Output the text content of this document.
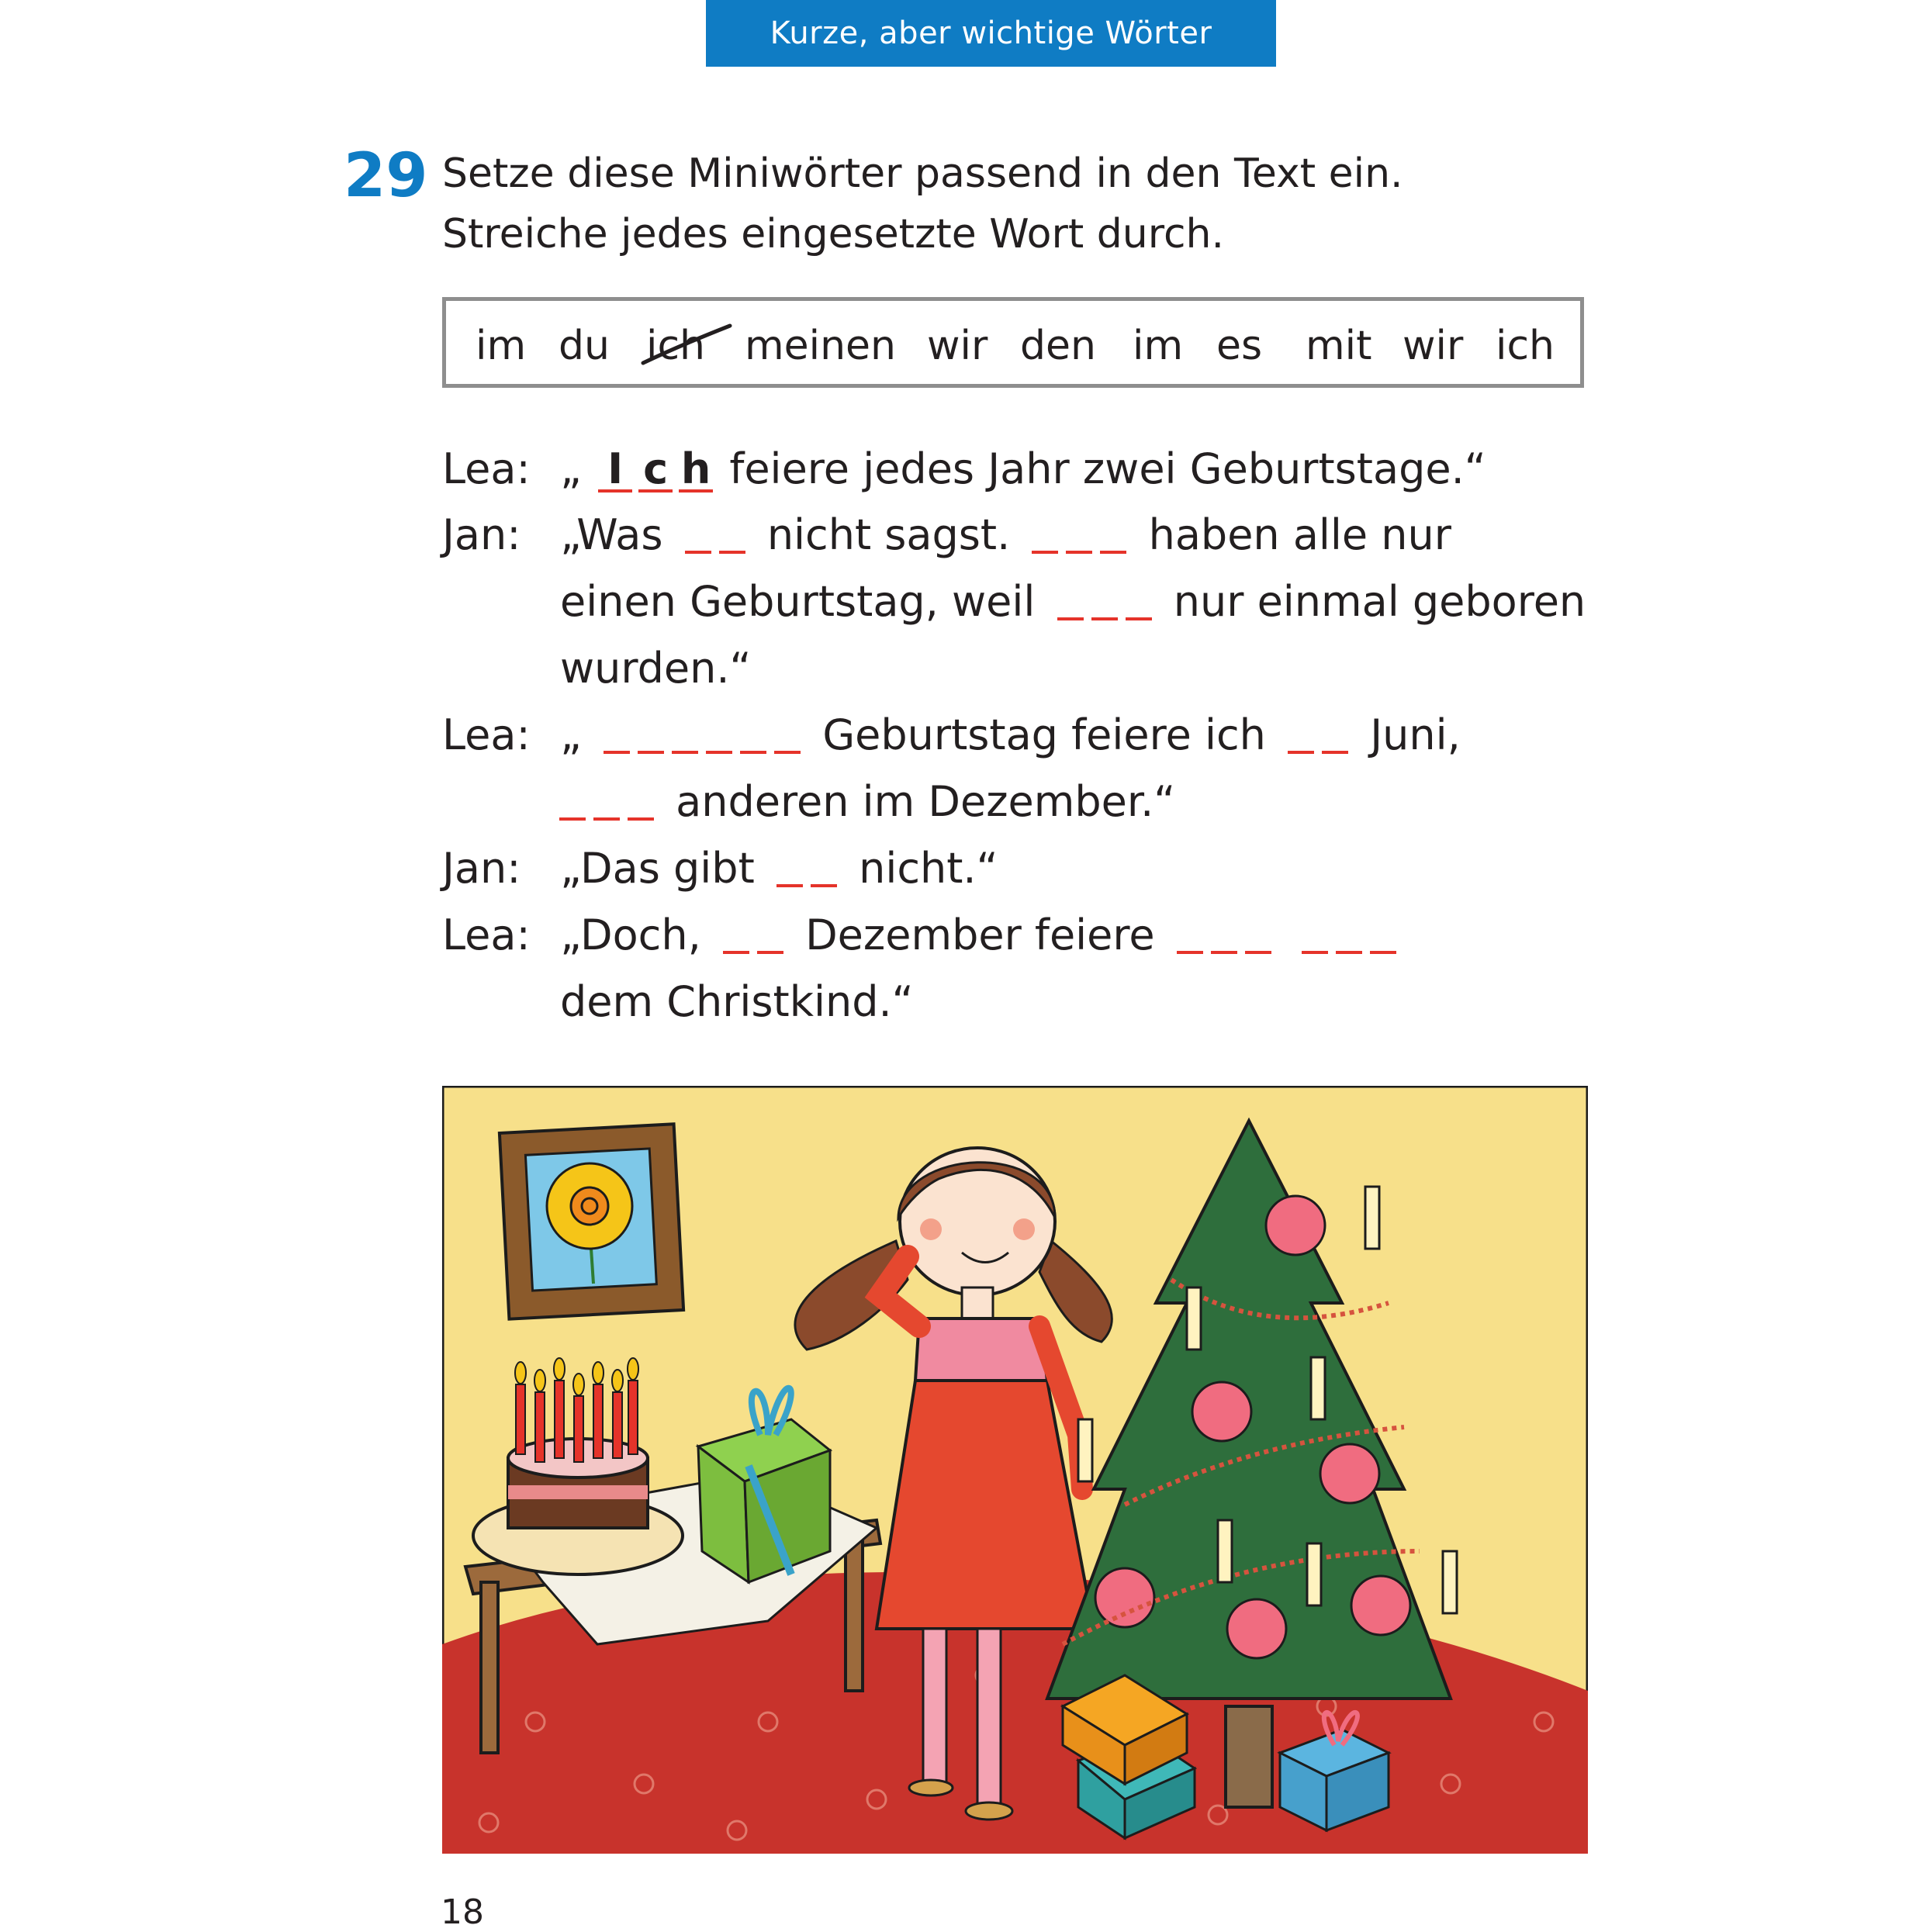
Kurze, aber wichtige Wörter
29 Setze diese Miniwörter passend in den Text ein.
Streiche jedes eingesetzte Wort durch.
im du ich meinen wir den im es mit wir ich
Lea: „ I c h feiere jedes Jahr zwei Geburtstage.“
Jan: „Was nicht sagst.	haben alle nur
einen Geburtstag, weil	nur einmal geboren
wurden.“
Lea: „	Geburtstag feiere ich Juni,
anderen im Dezember.“
Jan: „Das gibt nicht.“
Lea: „Doch, Dezember feiere
dem Christkind.“
18
